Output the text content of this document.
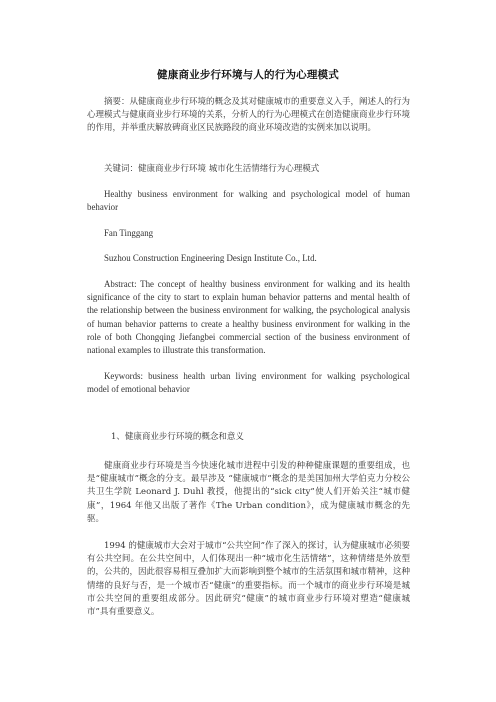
健康商业步行环境与人的行为心理模式
摘要：从健康商业步行环境的概念及其对健康城市的重要意义入手，阐述人的行为心理模式与健康商业步行环境的关系，分析人的行为心理模式在创造健康商业步行环境的作用，并举重庆解放碑商业区民族路段的商业环境改造的实例来加以说明。
关键词：健康商业步行环境 城市化生活情绪行为心理模式
Healthy business environment for walking and psychological model of human behavior
Fan Tinggang
Suzhou Construction Engineering Design Institute Co., Ltd.
Abstract: The concept of healthy business environment for walking and its health significance of the city to start to explain human behavior patterns and mental health of the relationship between the business environment for walking, the psychological analysis of human behavior patterns to create a healthy business environment for walking in the role of both Chongqing Jiefangbei commercial section of the business environment of national examples to illustrate this transformation.
Keywords: business health urban living environment for walking psychological model of emotional behavior
1、健康商业步行环境的概念和意义
健康商业步行环境是当今快速化城市进程中引发的种种健康课题的重要组成，也是“健康城市”概念的分支。最早涉及 “健康城市”概念的是美国加州大学伯克力分校公共卫生学院 Leonard J. Duhl 教授，他提出的“sick city”使人们开始关注“城市健康”，1964 年他又出版了著作《The Urban condition》，成为健康城市概念的先驱。
1994 的健康城市大会对于城市“公共空间”作了深入的探讨，认为健康城市必须要有公共空间。在公共空间中，人们体现出一种“城市化生活情绪”，这种情绪是外放型的，公共的，因此很容易相互叠加扩大而影响到整个城市的生活氛围和城市精神，这种情绪的良好与否，是一个城市否“健康”的重要指标。而一个城市的商业步行环境是城市公共空间的重要组成部分。因此研究“健康”的城市商业步行环境对塑造“健康城市”具有重要意义。
